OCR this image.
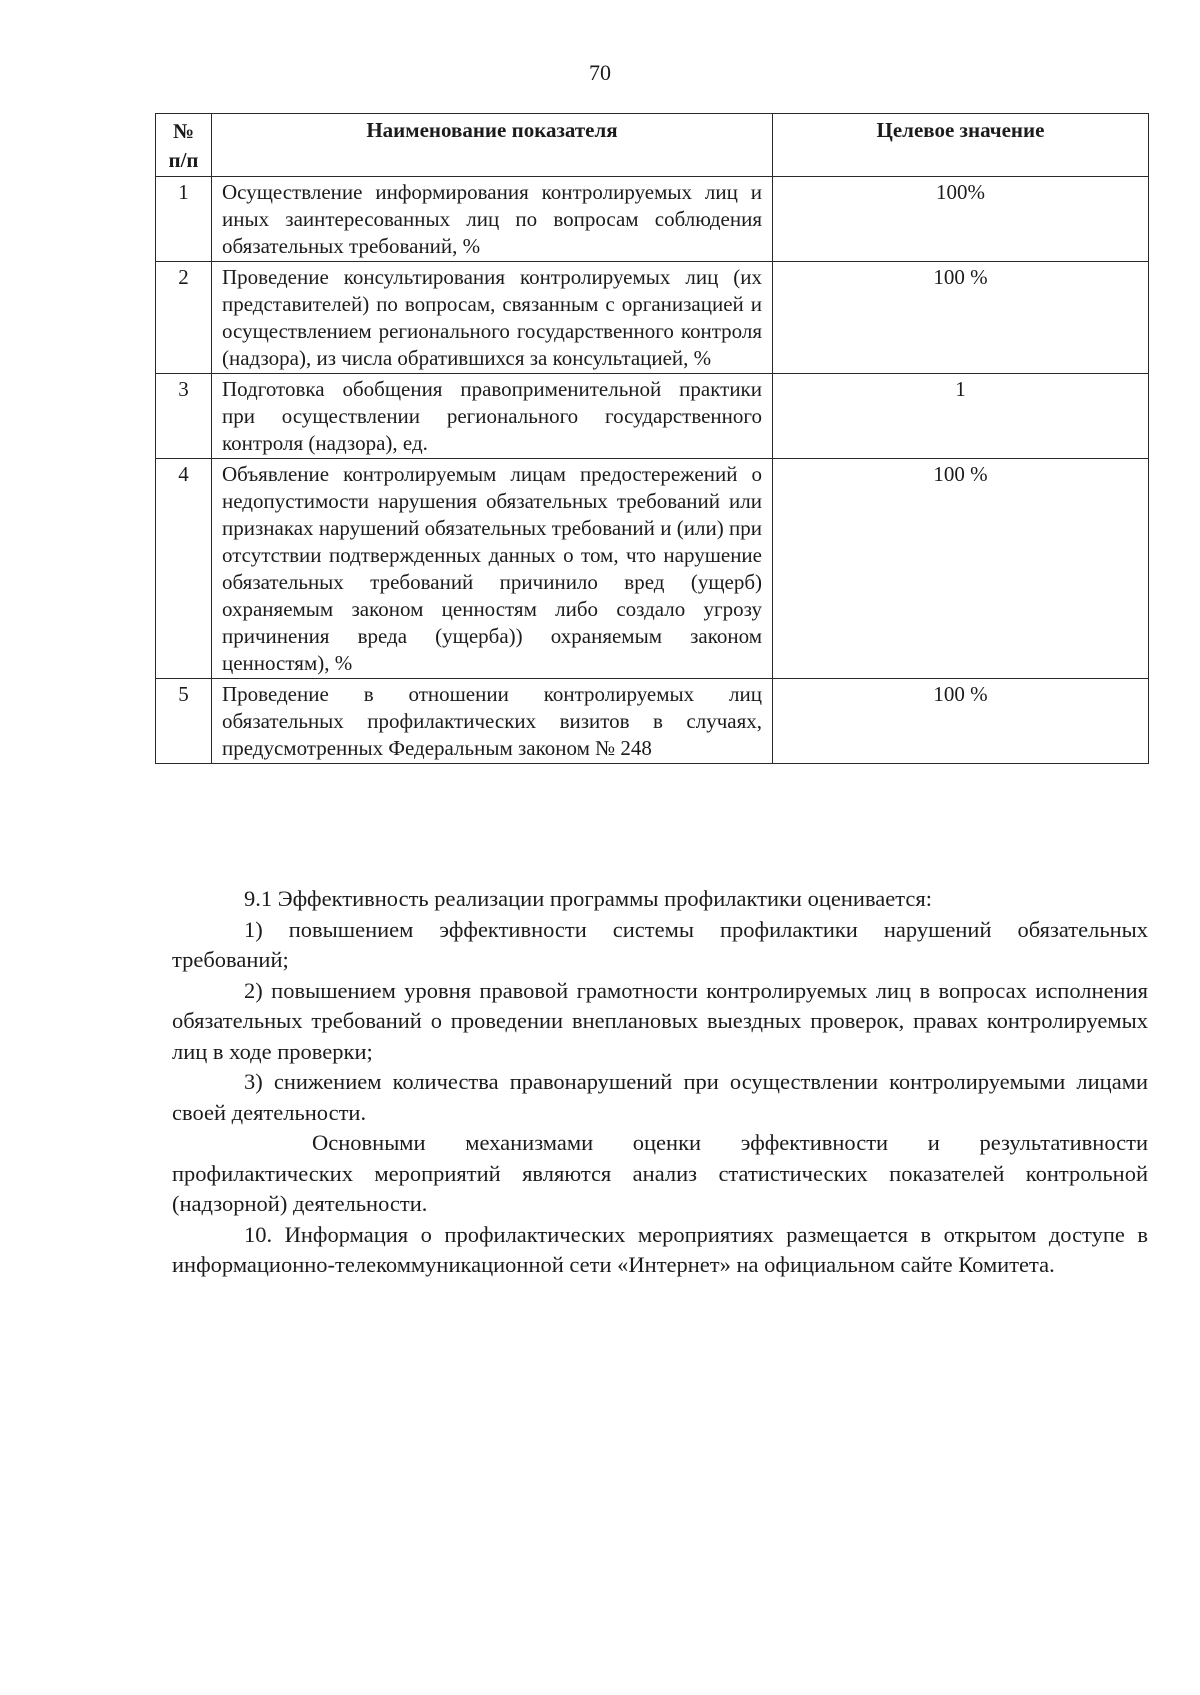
70
№ п/п	Наименование показателя	Целевое значение
1	Осуществление информирования контролируемых лиц и иных заинтересованных лиц по вопросам соблюдения обязательных требований, %	100%
2	Проведение консультирования контролируемых лиц (их представителей) по вопросам, связанным с организацией и осуществлением регионального государственного контроля (надзора), из числа обратившихся за консультацией, %	100 %
3	Подготовка обобщения правоприменительной практики при осуществлении регионального государственного контроля (надзора), ед.	1
4	Объявление контролируемым лицам предостережений о недопустимости нарушения обязательных требований или признаках нарушений обязательных требований и (или) при отсутствии подтвержденных данных о том, что нарушение обязательных требований причинило вред (ущерб) охраняемым законом ценностям либо создало угрозу причинения вреда (ущерба)) охраняемым законом ценностям), %	100 %
5	Проведение в отношении контролируемых лиц обязательных профилактических визитов в случаях, предусмотренных Федеральным законом № 248	100 %

9.1 Эффективность реализации программы профилактики оценивается:

1) повышением эффективности системы профилактики нарушений обязательных требований;

2) повышением уровня правовой грамотности контролируемых лиц в вопросах исполнения обязательных требований о проведении внеплановых выездных проверок, правах контролируемых лиц в ходе проверки;

3) снижением количества правонарушений при осуществлении контролируемыми лицами своей деятельности.

Основными механизмами оценки эффективности и результативности профилактических мероприятий являются анализ статистических показателей контрольной (надзорной) деятельности.

10. Информация о профилактических мероприятиях размещается в открытом доступе в информационно-телекоммуникационной сети «Интернет» на официальном сайте Комитета.
